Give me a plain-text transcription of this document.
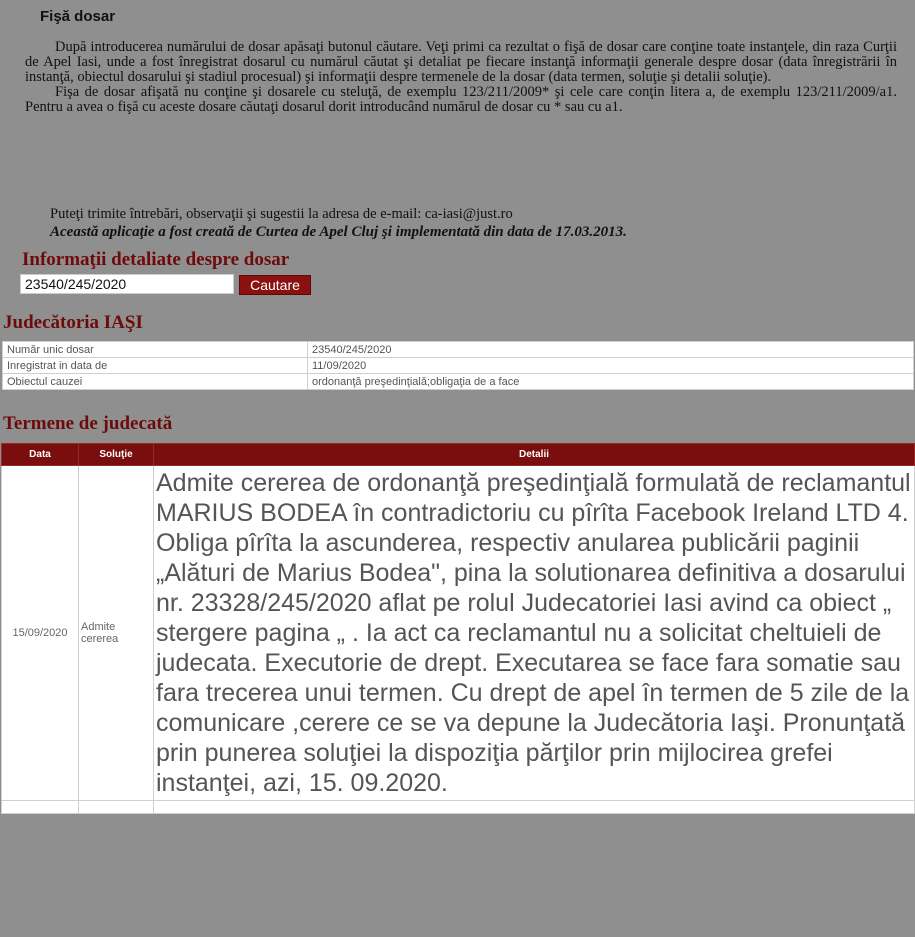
Fişă dosar

După introducerea numărului de dosar apăsaţi butonul căutare. Veţi primi ca rezultat o fişă de dosar care conţine toate instanţele, din raza Curţii de Apel Iasi, unde a fost înregistrat dosarul cu numărul căutat şi detaliat pe fiecare instanţă informaţii generale despre dosar (data înregistrării în instanţă, obiectul dosarului şi stadiul procesual) şi informaţii despre termenele de la dosar (data termen, soluţie şi detalii soluţie).

Fişa de dosar afişată nu conţine şi dosarele cu steluţă, de exemplu 123/211/2009* şi cele care conţin litera a, de exemplu 123/211/2009/a1. Pentru a avea o fişă cu aceste dosare căutaţi dosarul dorit introducând numărul de dosar cu * sau cu a1.

Puteţi trimite întrebări, observaţii şi sugestii la adresa de e-mail: ca-iasi@just.ro
Această aplicaţie a fost creată de Curtea de Apel Cluj şi implementată din data de 17.03.2013.
Informaţii detaliate despre dosar
23540/245/2020
Cautare
Judecătoria IAŞI
Număr unic dosar	23540/245/2020
Inregistrat in data de	11/09/2020
Obiectul cauzei	ordonanţă preşedinţială;obligaţia de a face
Termene de judecată
Data	Soluţie	Detalii
15/09/2020	Admite cererea	Admite cererea de ordonanţă preşedinţială formulată de reclamantul MARIUS BODEA în contradictoriu cu pîrîta Facebook Ireland LTD 4. Obliga pîrîta la ascunderea, respectiv anularea publicării paginii „Alături de Marius Bodea", pina la solutionarea definitiva a dosarului nr. 23328/245/2020 aflat pe rolul Judecatoriei Iasi avind ca obiect „ stergere pagina „ . Ia act ca reclamantul nu a solicitat cheltuieli de judecata. Executorie de drept. Executarea se face fara somatie sau fara trecerea unui termen. Cu drept de apel în termen de 5 zile de la comunicare ,cerere ce se va depune la Judecătoria Iaşi. Pronunţată prin punerea soluţiei la dispoziţia părţilor prin mijlocirea grefei instanţei, azi, 15. 09.2020.
